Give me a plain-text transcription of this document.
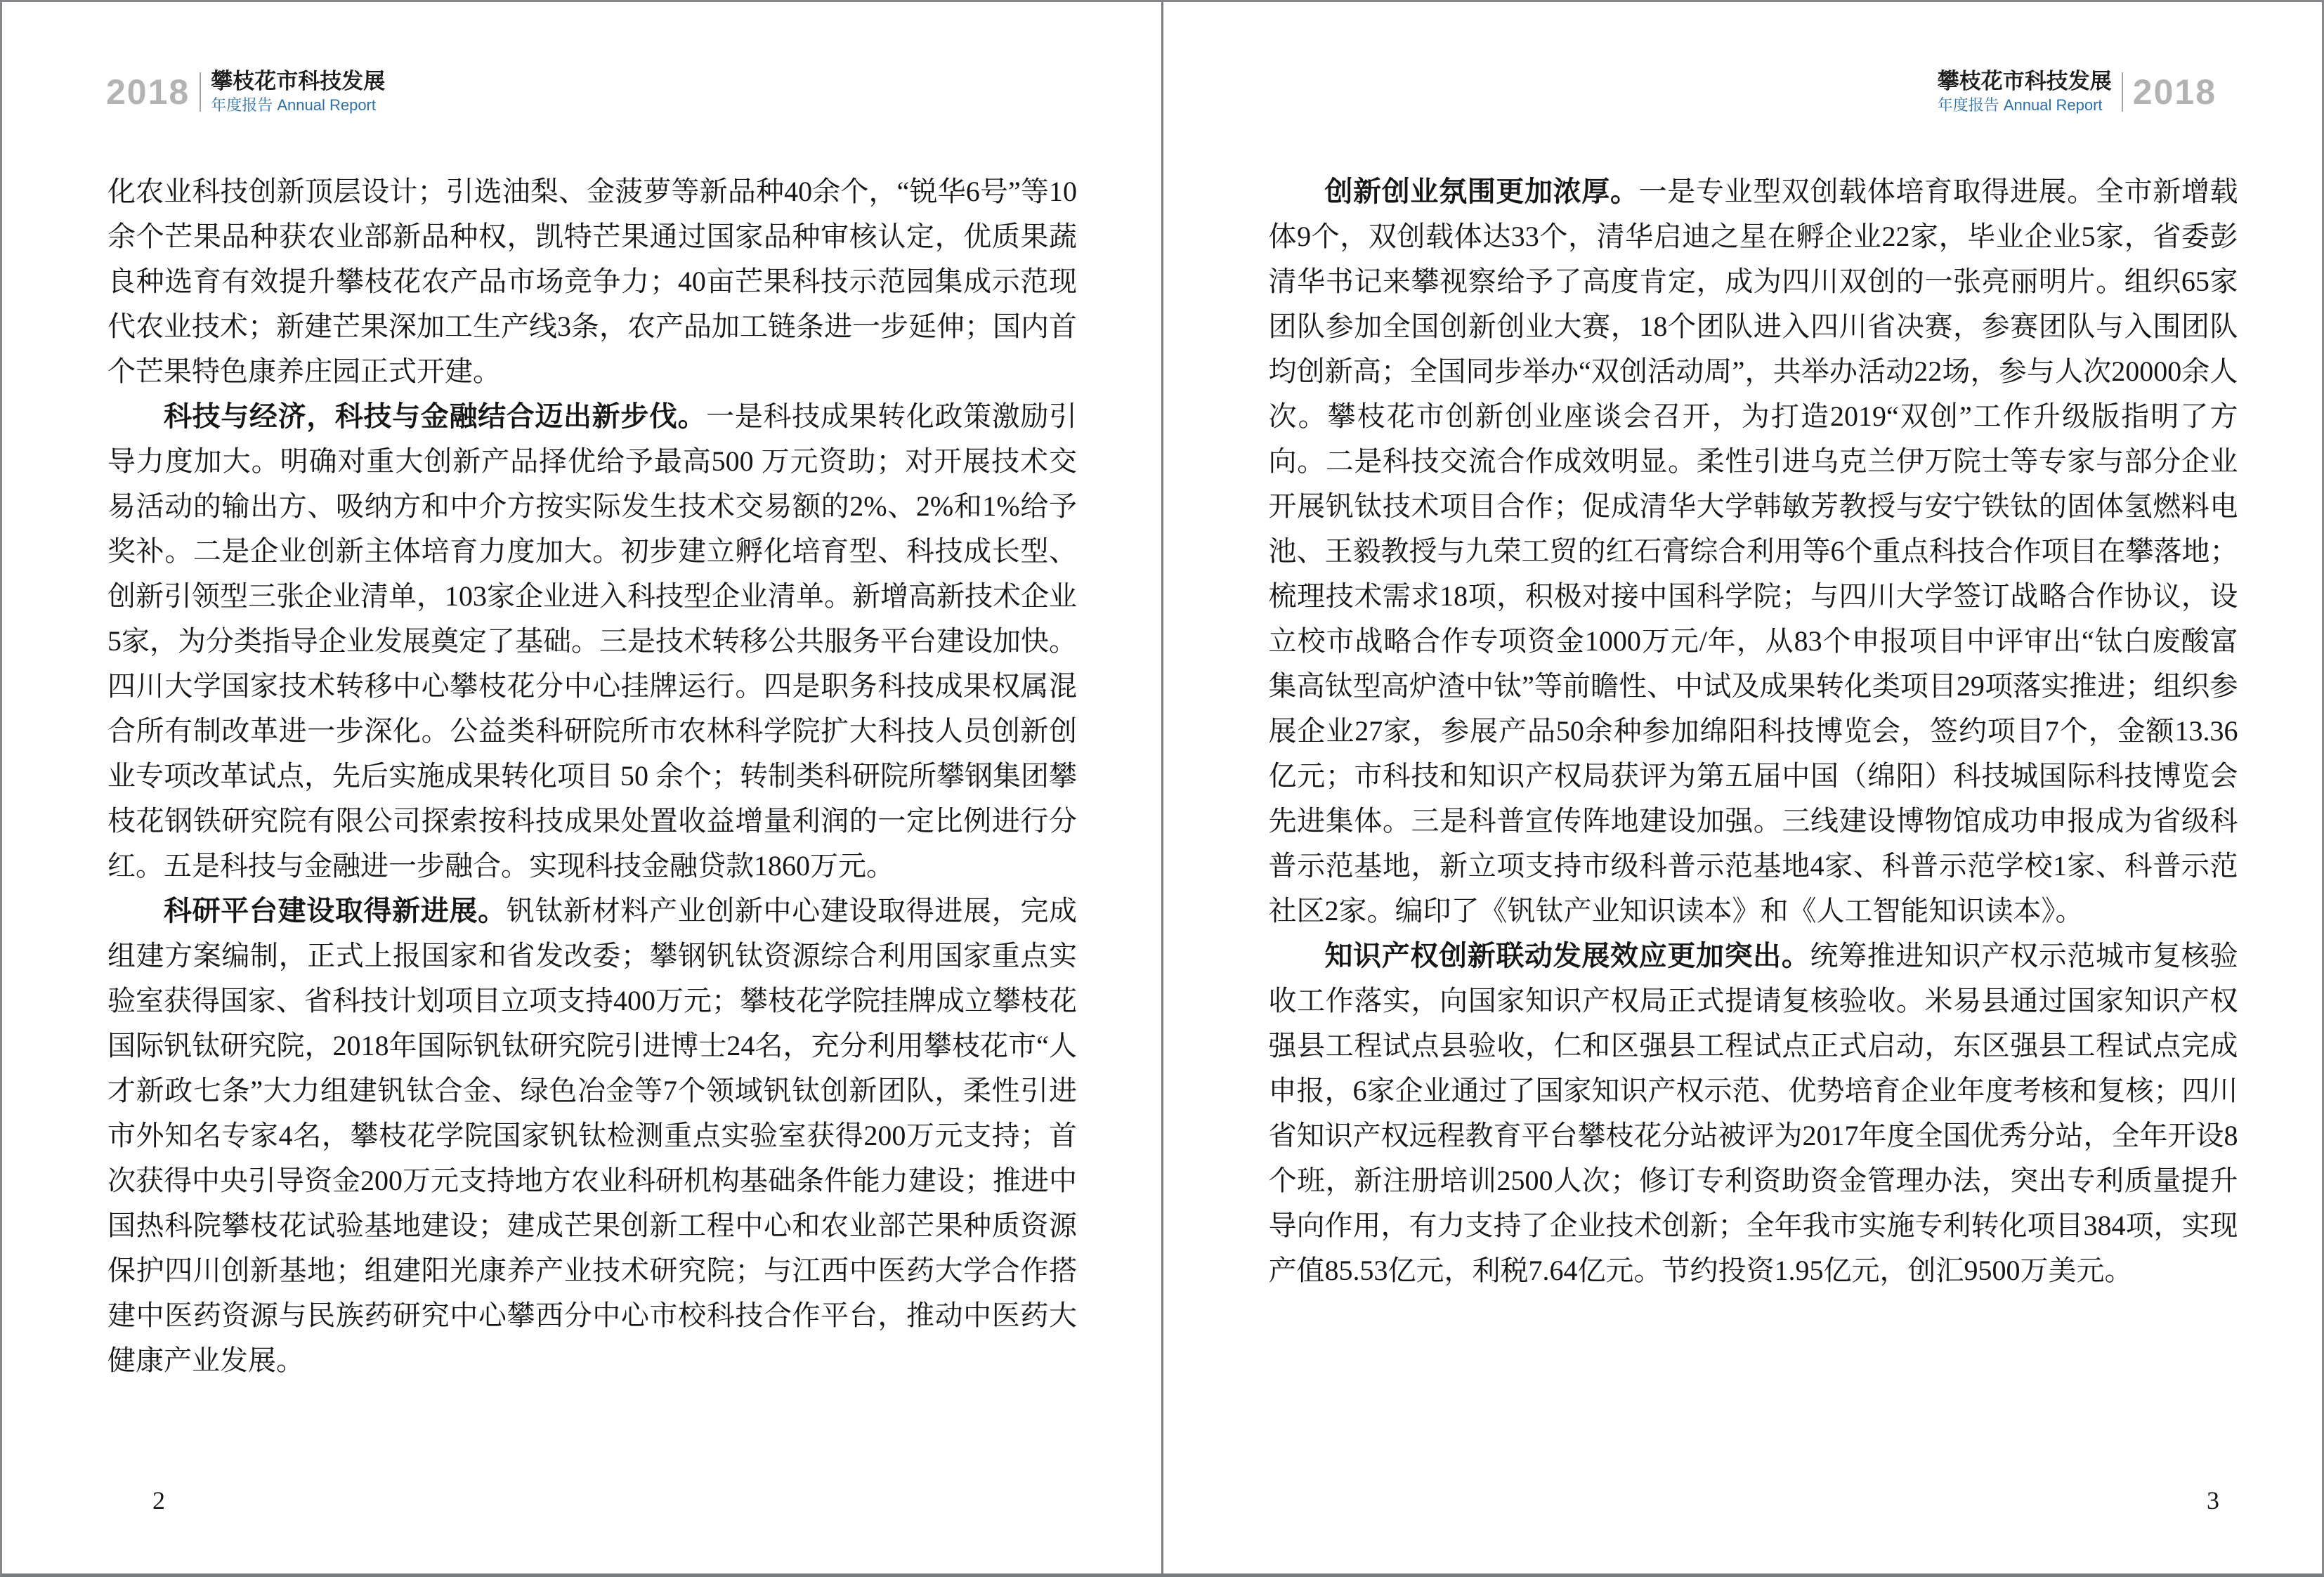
2018 攀枝花市科技发展
年度报告 Annual Report

化农业科技创新顶层设计；引选油梨、金菠萝等新品种40余个，“锐华6号”等10余个芒果品种获农业部新品种权，凯特芒果通过国家品种审核认定，优质果蔬良种选育有效提升攀枝花农产品市场竞争力；40亩芒果科技示范园集成示范现代农业技术；新建芒果深加工生产线3条，农产品加工链条进一步延伸；国内首个芒果特色康养庄园正式开建。

科技与经济，科技与金融结合迈出新步伐。一是科技成果转化政策激励引导力度加大。明确对重大创新产品择优给予最高500 万元资助；对开展技术交易活动的输出方、吸纳方和中介方按实际发生技术交易额的2%、2%和1%给予奖补。二是企业创新主体培育力度加大。初步建立孵化培育型、科技成长型、创新引领型三张企业清单，103家企业进入科技型企业清单。新增高新技术企业5家，为分类指导企业发展奠定了基础。三是技术转移公共服务平台建设加快。四川大学国家技术转移中心攀枝花分中心挂牌运行。四是职务科技成果权属混合所有制改革进一步深化。公益类科研院所市农林科学院扩大科技人员创新创业专项改革试点，先后实施成果转化项目 50 余个；转制类科研院所攀钢集团攀枝花钢铁研究院有限公司探索按科技成果处置收益增量利润的一定比例进行分红。五是科技与金融进一步融合。实现科技金融贷款1860万元。

科研平台建设取得新进展。钒钛新材料产业创新中心建设取得进展，完成组建方案编制，正式上报国家和省发改委；攀钢钒钛资源综合利用国家重点实验室获得国家、省科技计划项目立项支持400万元；攀枝花学院挂牌成立攀枝花国际钒钛研究院，2018年国际钒钛研究院引进博士24名，充分利用攀枝花市“人才新政七条”大力组建钒钛合金、绿色冶金等7个领域钒钛创新团队，柔性引进市外知名专家4名，攀枝花学院国家钒钛检测重点实验室获得200万元支持；首次获得中央引导资金200万元支持地方农业科研机构基础条件能力建设；推进中国热科院攀枝花试验基地建设；建成芒果创新工程中心和农业部芒果种质资源保护四川创新基地；组建阳光康养产业技术研究院；与江西中医药大学合作搭建中医药资源与民族药研究中心攀西分中心市校科技合作平台，推动中医药大健康产业发展。

2
攀枝花市科技发展
年度报告 Annual Report 2018

创新创业氛围更加浓厚。一是专业型双创载体培育取得进展。全市新增载体9个，双创载体达33个，清华启迪之星在孵企业22家，毕业企业5家，省委彭清华书记来攀视察给予了高度肯定，成为四川双创的一张亮丽明片。组织65家团队参加全国创新创业大赛，18个团队进入四川省决赛，参赛团队与入围团队均创新高；全国同步举办“双创活动周”，共举办活动22场，参与人次20000余人次。攀枝花市创新创业座谈会召开，为打造2019“双创”工作升级版指明了方向。二是科技交流合作成效明显。柔性引进乌克兰伊万院士等专家与部分企业开展钒钛技术项目合作；促成清华大学韩敏芳教授与安宁铁钛的固体氢燃料电池、王毅教授与九荣工贸的红石膏综合利用等6个重点科技合作项目在攀落地；梳理技术需求18项，积极对接中国科学院；与四川大学签订战略合作协议，设立校市战略合作专项资金1000万元/年，从83个申报项目中评审出“钛白废酸富集高钛型高炉渣中钛”等前瞻性、中试及成果转化类项目29项落实推进；组织参展企业27家，参展产品50余种参加绵阳科技博览会，签约项目7个，金额13.36亿元；市科技和知识产权局获评为第五届中国（绵阳）科技城国际科技博览会先进集体。三是科普宣传阵地建设加强。三线建设博物馆成功申报成为省级科普示范基地，新立项支持市级科普示范基地4家、科普示范学校1家、科普示范社区2家。编印了《钒钛产业知识读本》和《人工智能知识读本》。

知识产权创新联动发展效应更加突出。统筹推进知识产权示范城市复核验收工作落实，向国家知识产权局正式提请复核验收。米易县通过国家知识产权强县工程试点县验收，仁和区强县工程试点正式启动，东区强县工程试点完成申报，6家企业通过了国家知识产权示范、优势培育企业年度考核和复核；四川省知识产权远程教育平台攀枝花分站被评为2017年度全国优秀分站，全年开设8个班，新注册培训2500人次；修订专利资助资金管理办法，突出专利质量提升导向作用，有力支持了企业技术创新；全年我市实施专利转化项目384项，实现产值85.53亿元，利税7.64亿元。节约投资1.95亿元，创汇9500万美元。

3
